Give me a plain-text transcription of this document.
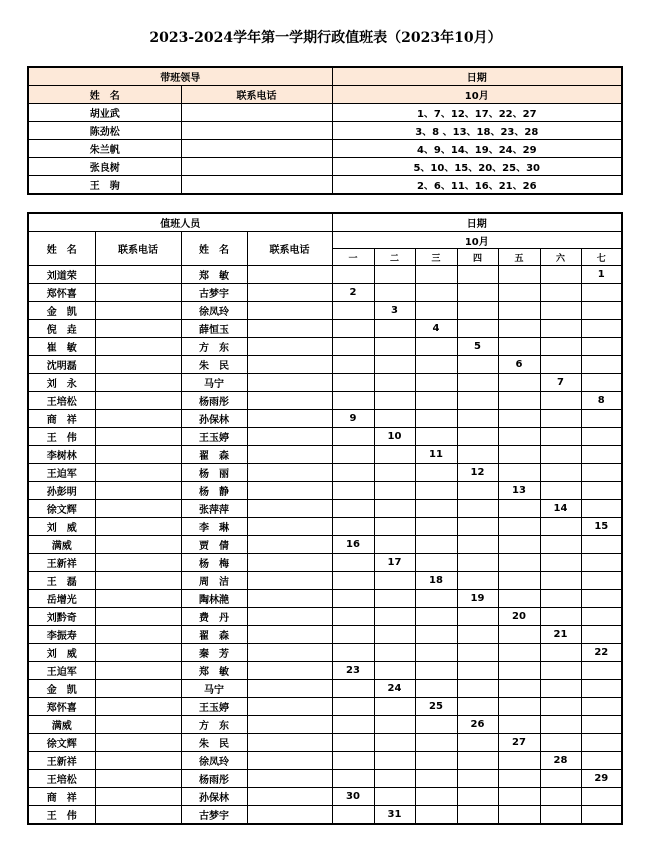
2023-2024学年第一学期行政值班表（2023年10月）
带班领导		日期
姓　名	联系电话	10月
胡业武		1、7、12、17、22、27
陈劲松		3、8 、13、18、23、28
朱兰帆		4、9、14、19、24、29
张良树		5、10、15、20、25、30
王　驹		2、6、11、16、21、26
值班人员				日期						
姓　名	联系电话	姓　名	联系电话	10月						
				一	二	三	四	五	六	七
刘道荣		郑　敏								1
郑怀喜		古梦宇		2						
金　凯		徐凤玲			3					
倪　垚		薛恒玉				4				
崔　敏		方　东					5			
沈明磊		朱　民						6		
刘　永		马宁							7	
王培松		杨雨彤								8
商　祥		孙保林		9						
王　伟		王玉婷			10					
李树林		翟　森				11				
王迫军		杨　丽					12			
孙彭明		杨　静						13		
徐文辉		张萍萍							14	
刘　威		李　琳								15
满威		贾　倩		16						
王新祥		杨　梅			17					
王　磊		周　洁				18				
岳增光		陶林滟					19			
刘黔奇		费　丹						20		
李振寿		翟　森							21	
刘　威		秦　芳								22
王迫军		郑　敏		23						
金　凯		马宁			24					
郑怀喜		王玉婷				25				
满威		方　东					26			
徐文辉		朱　民						27		
王新祥		徐凤玲							28	
王培松		杨雨彤								29
商　祥		孙保林		30						
王　伟		古梦宇			31					
